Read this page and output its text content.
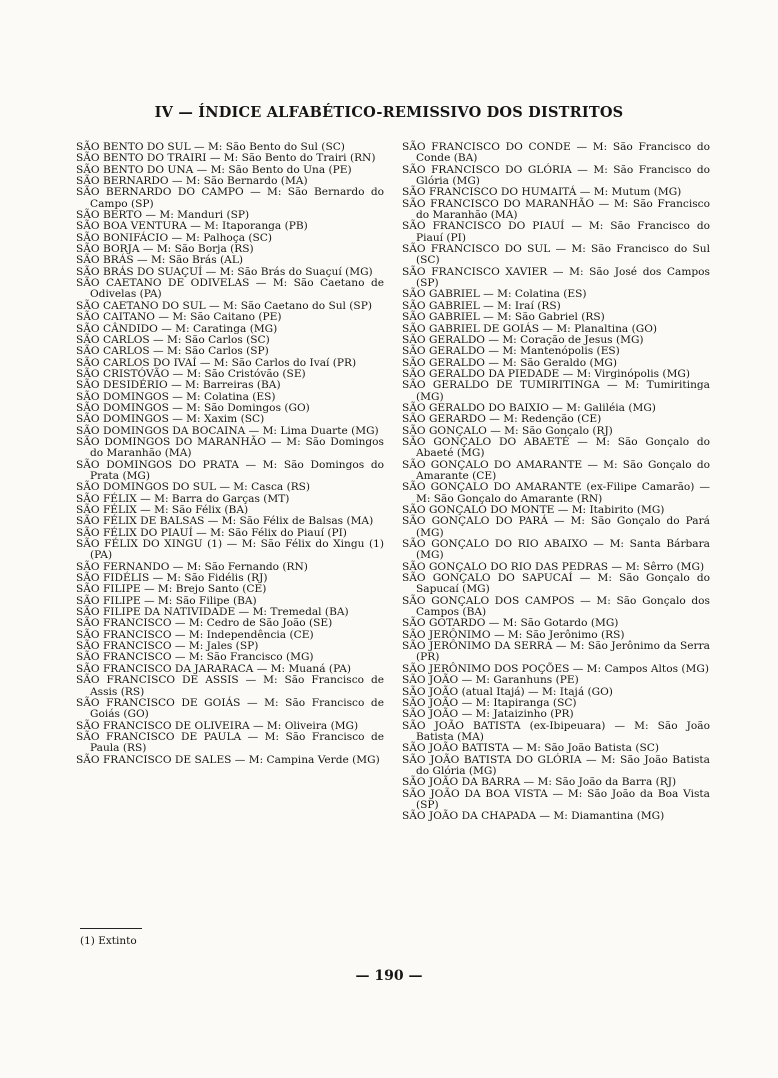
IV — ÍNDICE ALFABÉTICO-REMISSIVO DOS DISTRITOS

SÃO BENTO DO SUL — M: São Bento do Sul (SC)

SÃO BENTO DO TRAIRI — M: São Bento do Trairi (RN)

SÃO BENTO DO UNA — M: São Bento do Una (PE)

SÃO BERNARDO — M: São Bernardo (MA)

SÃO BERNARDO DO CAMPO — M: São Bernardo do Campo (SP)

SÃO BERTO — M: Manduri (SP)

SÃO BOA VENTURA — M: Itaporanga (PB)

SÃO BONIFÁCIO — M: Palhoça (SC)

SÃO BORJA — M: São Borja (RS)

SÃO BRÁS — M: São Brás (AL)

SÃO BRÁS DO SUAÇUÍ — M: São Brás do Suaçuí (MG)

SÃO CAETANO DE ODIVELAS — M: São Caetano de Odivelas (PA)

SÃO CAETANO DO SUL — M: São Caetano do Sul (SP)

SÃO CAITANO — M: São Caitano (PE)

SÃO CÂNDIDO — M: Caratinga (MG)

SÃO CARLOS — M: São Carlos (SC)

SÃO CARLOS — M: São Carlos (SP)

SÃO CARLOS DO IVAÍ — M: São Carlos do Ivaí (PR)

SÃO CRISTÓVÃO — M: São Cristóvão (SE)

SÃO DESIDÉRIO — M: Barreiras (BA)

SÃO DOMINGOS — M: Colatina (ES)

SÃO DOMINGOS — M: São Domingos (GO)

SÃO DOMINGOS — M: Xaxim (SC)

SÃO DOMINGOS DA BOCAINA — M: Lima Duarte (MG)

SÃO DOMINGOS DO MARANHÃO — M: São Domingos do Maranhão (MA)

SÃO DOMINGOS DO PRATA — M: São Domingos do Prata (MG)

SÃO DOMINGOS DO SUL — M: Casca (RS)

SÃO FÉLIX — M: Barra do Garças (MT)

SÃO FÉLIX — M: São Félix (BA)

SÃO FÉLIX DE BALSAS — M: São Félix de Balsas (MA)

SÃO FÉLIX DO PIAUÍ — M: São Félix do Piauí (PI)

SÃO FÉLIX DO XINGU (1) — M: São Félix do Xingu (1) (PA)

SÃO FERNANDO — M: São Fernando (RN)

SÃO FIDÉLIS — M: São Fidélis (RJ)

SÃO FILIPE — M: Brejo Santo (CE)

SÃO FILIPE — M: São Filipe (BA)

SÃO FILIPE DA NATIVIDADE — M: Tremedal (BA)

SÃO FRANCISCO — M: Cedro de São João (SE)

SÃO FRANCISCO — M: Independência (CE)

SÃO FRANCISCO — M: Jales (SP)

SÃO FRANCISCO — M: São Francisco (MG)

SÃO FRANCISCO DA JARARACA — M: Muaná (PA)

SÃO FRANCISCO DE ASSIS — M: São Francisco de Assis (RS)

SÃO FRANCISCO DE GOIÁS — M: São Francisco de Goiás (GO)

SÃO FRANCISCO DE OLIVEIRA — M: Oliveira (MG)

SÃO FRANCISCO DE PAULA — M: São Francisco de Paula (RS)

SÃO FRANCISCO DE SALES — M: Campina Verde (MG)

SÃO FRANCISCO DO CONDE — M: São Francisco do Conde (BA)

SÃO FRANCISCO DO GLÓRIA — M: São Francisco do Glória (MG)

SÃO FRANCISCO DO HUMAITÁ — M: Mutum (MG)

SÃO FRANCISCO DO MARANHÃO — M: São Francisco do Maranhão (MA)

SÃO FRANCISCO DO PIAUÍ — M: São Francisco do Piauí (PI)

SÃO FRANCISCO DO SUL — M: São Francisco do Sul (SC)

SÃO FRANCISCO XAVIER — M: São José dos Campos (SP)

SÃO GABRIEL — M: Colatina (ES)

SÃO GABRIEL — M: Iraí (RS)

SÃO GABRIEL — M: São Gabriel (RS)

SÃO GABRIEL DE GOIÁS — M: Planaltina (GO)

SÃO GERALDO — M: Coração de Jesus (MG)

SÃO GERALDO — M: Mantenópolis (ES)

SÃO GERALDO — M: São Geraldo (MG)

SÃO GERALDO DA PIEDADE — M: Virginópolis (MG)

SÃO GERALDO DE TUMIRITINGA — M: Tumiritinga (MG)

SÃO GERALDO DO BAIXIO — M: Galiléia (MG)

SÃO GERARDO — M: Redenção (CE)

SÃO GONÇALO — M: São Gonçalo (RJ)

SÃO GONÇALO DO ABAETÉ — M: São Gonçalo do Abaeté (MG)

SÃO GONÇALO DO AMARANTE — M: São Gonçalo do Amarante (CE)

SÃO GONÇALO DO AMARANTE (ex-Filipe Camarão) — M: São Gonçalo do Amarante (RN)

SÃO GONÇALO DO MONTE — M: Itabirito (MG)

SÃO GONÇALO DO PARÁ — M: São Gonçalo do Pará (MG)

SÃO GONÇALO DO RIO ABAIXO — M: Santa Bárbara (MG)

SÃO GONÇALO DO RIO DAS PEDRAS — M: Sêrro (MG)

SÃO GONÇALO DO SAPUCAÍ — M: São Gonçalo do Sapucaí (MG)

SÃO GONÇALO DOS CAMPOS — M: São Gonçalo dos Campos (BA)

SÃO GOTARDO — M: São Gotardo (MG)

SÃO JERÔNIMO — M: São Jerônimo (RS)

SÃO JERÔNIMO DA SERRA — M: São Jerônimo da Serra (PR)

SÃO JERÔNIMO DOS POÇÕES — M: Campos Altos (MG)

SÃO JOÃO — M: Garanhuns (PE)

SÃO JOÃO (atual Itajá) — M: Itajá (GO)

SÃO JOÃO — M: Itapiranga (SC)

SÃO JOÃO — M: Jataizinho (PR)

SÃO JOÃO BATISTA (ex-Ibipeuara) — M: São João Batista (MA)

SÃO JOÃO BATISTA — M: São João Batista (SC)

SÃO JOÃO BATISTA DO GLÓRIA — M: São João Batista do Glória (MG)

SÃO JOÃO DA BARRA — M: São João da Barra (RJ)

SÃO JOÃO DA BOA VISTA — M: São João da Boa Vista (SP)

SÃO JOÃO DA CHAPADA — M: Diamantina (MG)

(1) Extinto
— 190 —
